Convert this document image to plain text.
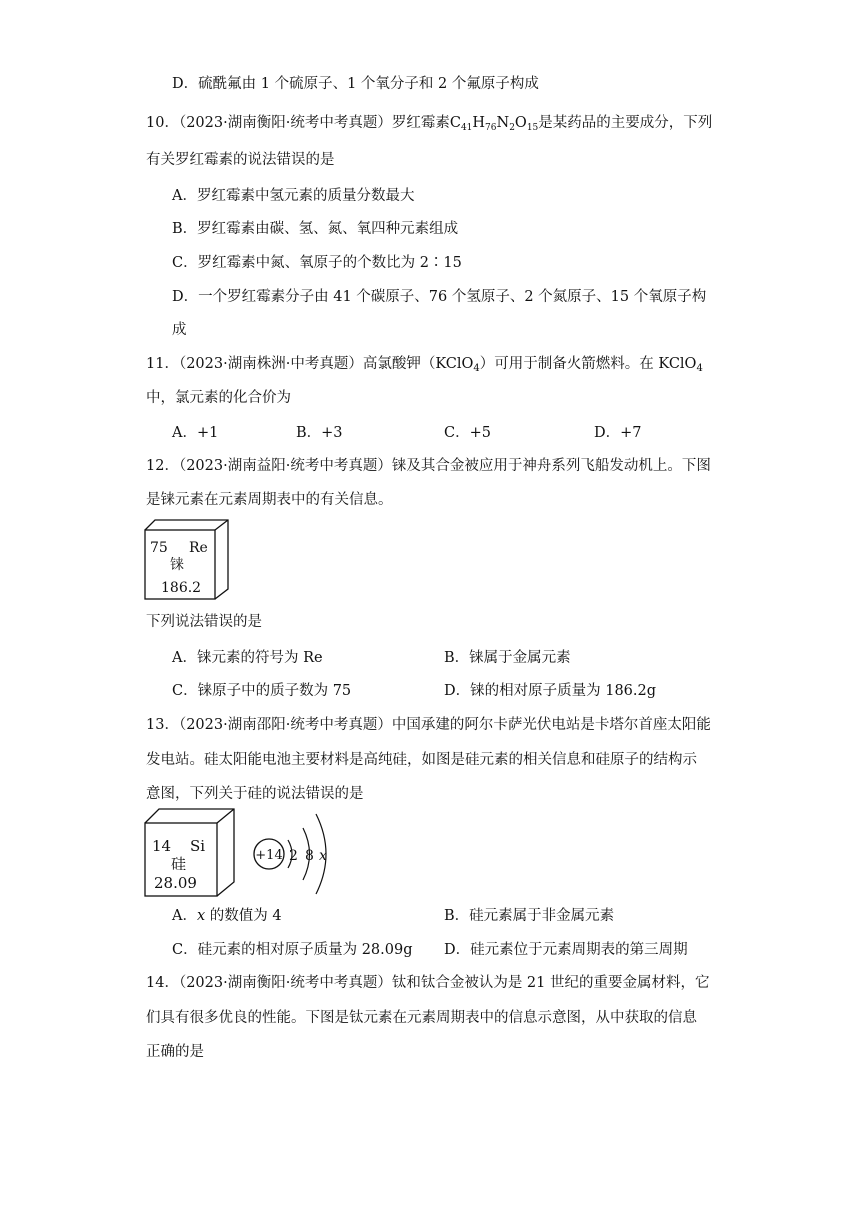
D．硫酰氟由 1 个硫原子、1 个氧分子和 2 个氟原子构成
10．（2023·湖南衡阳·统考中考真题）罗红霉素$C_{41}H_{76}N_2O_{15}$是某药品的主要成分，下列
有关罗红霉素的说法错误的是
A．罗红霉素中氢元素的质量分数最大
B．罗红霉素由碳、氢、氮、氧四种元素组成
C．罗红霉素中氮、氧原子的个数比为 2∶15
D．一个罗红霉素分子由 41 个碳原子、76 个氢原子、2 个氮原子、15 个氧原子构
成
11．（2023·湖南株洲·中考真题）高氯酸钾（KClO$_4$）可用于制备火箭燃料。在 KClO$_4$
中，氯元素的化合价为
A．+1	B．+3	C．+5	D．+7
12．（2023·湖南益阳·统考中考真题）铼及其合金被应用于神舟系列飞船发动机上。下图
是铼元素在元素周期表中的有关信息。
75 Re
铼
186.2
下列说法错误的是
A．铼元素的符号为 Re	B．铼属于金属元素
C．铼原子中的质子数为 75	D．铼的相对原子质量为 186.2g
13．（2023·湖南邵阳·统考中考真题）中国承建的阿尔卡萨光伏电站是卡塔尔首座太阳能
发电站。硅太阳能电池主要材料是高纯硅，如图是硅元素的相关信息和硅原子的结构示
意图，下列关于硅的说法错误的是
14 Si
硅
28.09
+14 2 8 x
A．x 的数值为 4	B．硅元素属于非金属元素
C．硅元素的相对原子质量为 28.09g D．硅元素位于元素周期表的第三周期
14．（2023·湖南衡阳·统考中考真题）钛和钛合金被认为是 21 世纪的重要金属材料，它
们具有很多优良的性能。下图是钛元素在元素周期表中的信息示意图，从中获取的信息
正确的是
